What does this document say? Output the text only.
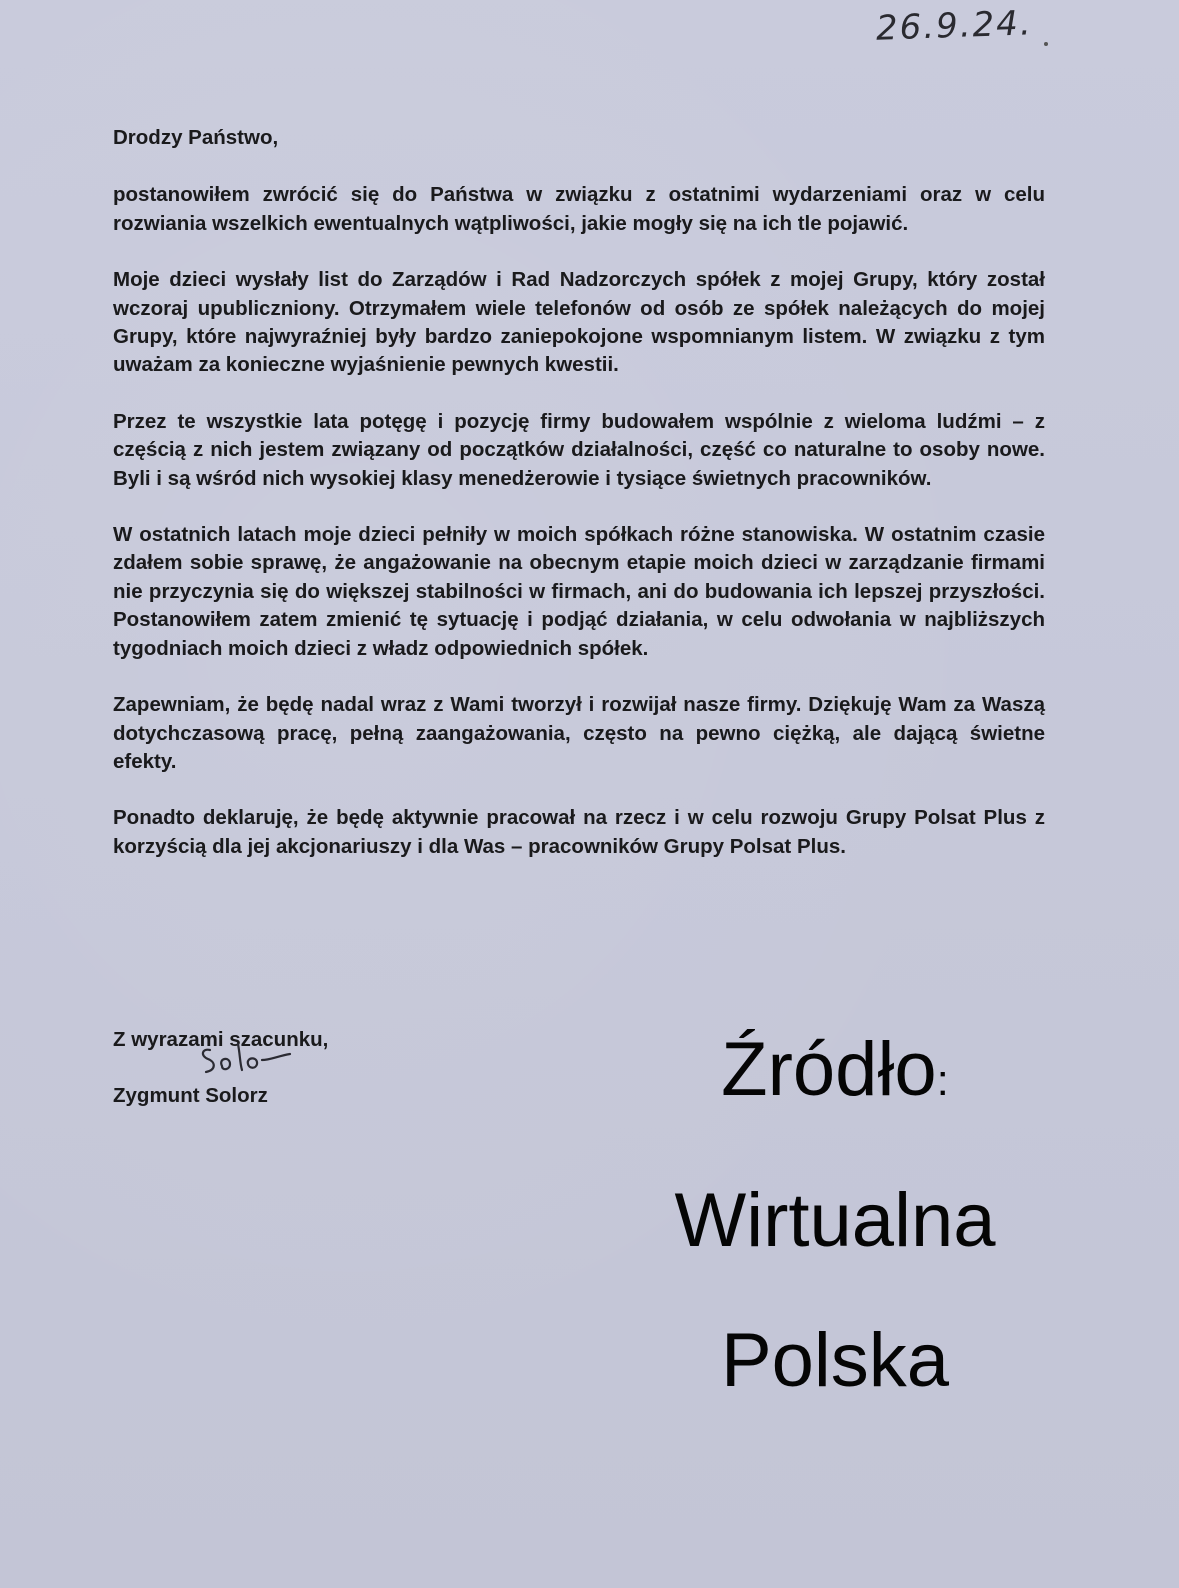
26.9.24.

Drodzy Państwo,

postanowiłem zwrócić się do Państwa w związku z ostatnimi wydarzeniami oraz w celu rozwiania wszelkich ewentualnych wątpliwości, jakie mogły się na ich tle pojawić.

Moje dzieci wysłały list do Zarządów i Rad Nadzorczych spółek z mojej Grupy, który został wczoraj upubliczniony. Otrzymałem wiele telefonów od osób ze spółek należących do mojej Grupy, które najwyraźniej były bardzo zaniepokojone wspomnianym listem. W związku z tym uważam za konieczne wyjaśnienie pewnych kwestii.

Przez te wszystkie lata potęgę i pozycję firmy budowałem wspólnie z wieloma ludźmi – z częścią z nich jestem związany od początków działalności, część co naturalne to osoby nowe. Byli i są wśród nich wysokiej klasy menedżerowie i tysiące świetnych pracowników.

W ostatnich latach moje dzieci pełniły w moich spółkach różne stanowiska. W ostatnim czasie zdałem sobie sprawę, że angażowanie na obecnym etapie moich dzieci w zarządzanie firmami nie przyczynia się do większej stabilności w firmach, ani do budowania ich lepszej przyszłości. Postanowiłem zatem zmienić tę sytuację i podjąć działania, w celu odwołania w najbliższych tygodniach moich dzieci z władz odpowiednich spółek.

Zapewniam, że będę nadal wraz z Wami tworzył i rozwijał nasze firmy. Dziękuję Wam za Waszą dotychczasową pracę, pełną zaangażowania, często na pewno ciężką, ale dającą świetne efekty.

Ponadto deklaruję, że będę aktywnie pracował na rzecz i w celu rozwoju Grupy Polsat Plus z korzyścią dla jej akcjonariuszy i dla Was – pracowników Grupy Polsat Plus.

Z wyrazami szacunku,
Zygmunt Solorz	Źródło:
Wirtualna
Polska
